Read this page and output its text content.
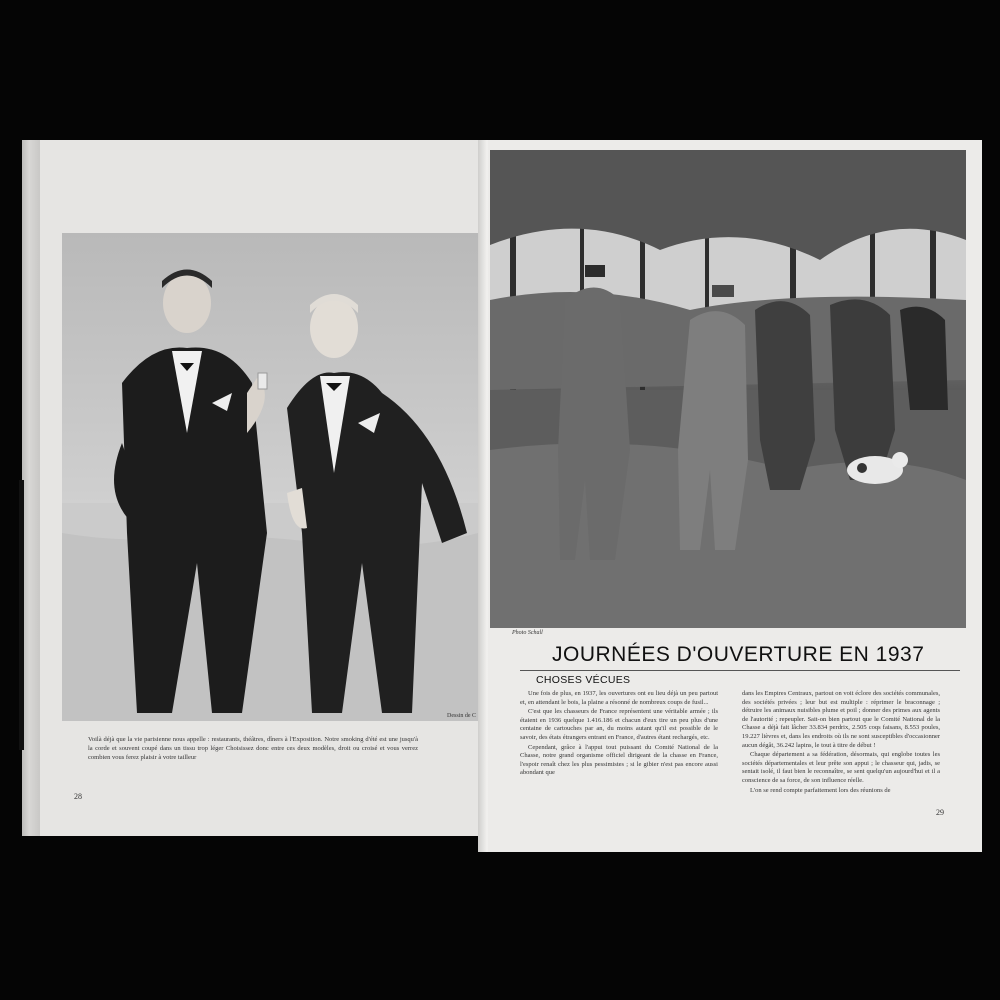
Dessin de C
Voilà déjà que la vie parisienne nous appelle : restaurants, théâtres, dîners à l'Exposition. Notre smoking d'été est une jusqu'à la corde et souvent coupé dans un tissu trop léger Choisissez donc entre ces deux modèles, droit ou croisé et vous verrez combien vous ferez plaisir à votre tailleur
28
Photo Schall
JOURNÉES D'OUVERTURE EN 1937
CHOSES VÉCUES

Une fois de plus, en 1937, les ouvertures ont eu lieu déjà un peu partout et, en attendant le bois, la plaine a résonné de nombreux coups de fusil...

C'est que les chasseurs de France représentent une véritable armée ; ils étaient en 1936 quelque 1.416.186 et chacun d'eux tire un peu plus d'une centaine de cartouches par an, du moins autant qu'il est possible de le savoir, des états étrangers entrant en France, d'autres étant rechargés, etc.

Cependant, grâce à l'appui tout puissant du Comité National de la Chasse, notre grand organisme officiel dirigeant de la chasse en France, l'espoir renaît chez les plus pessimistes ; si le gibier n'est pas encore aussi abondant que

dans les Empires Centraux, partout on voit éclore des sociétés communales, des sociétés privées ; leur but est multiple : réprimer le braconnage ; détruire les animaux nuisibles plume et poil ; donner des primes aux agents de l'autorité ; repeupler. Sait-on bien partout que le Comité National de la Chasse a déjà fait lâcher 33.834 perdrix, 2.505 coqs faisans, 8.553 poules, 19.227 lièvres et, dans les endroits où ils ne sont susceptibles d'occasionner aucun dégât, 36.242 lapins, le tout à titre de début !

Chaque département a sa fédération, désormais, qui englobe toutes les sociétés départementales et leur prête son appui ; le chasseur qui, jadis, se sentait isolé, il faut bien le reconnaître, se sent quelqu'un aujourd'hui et il a conscience de sa force, de son influence réelle.

L'on se rend compte parfaitement lors des réunions de

29
